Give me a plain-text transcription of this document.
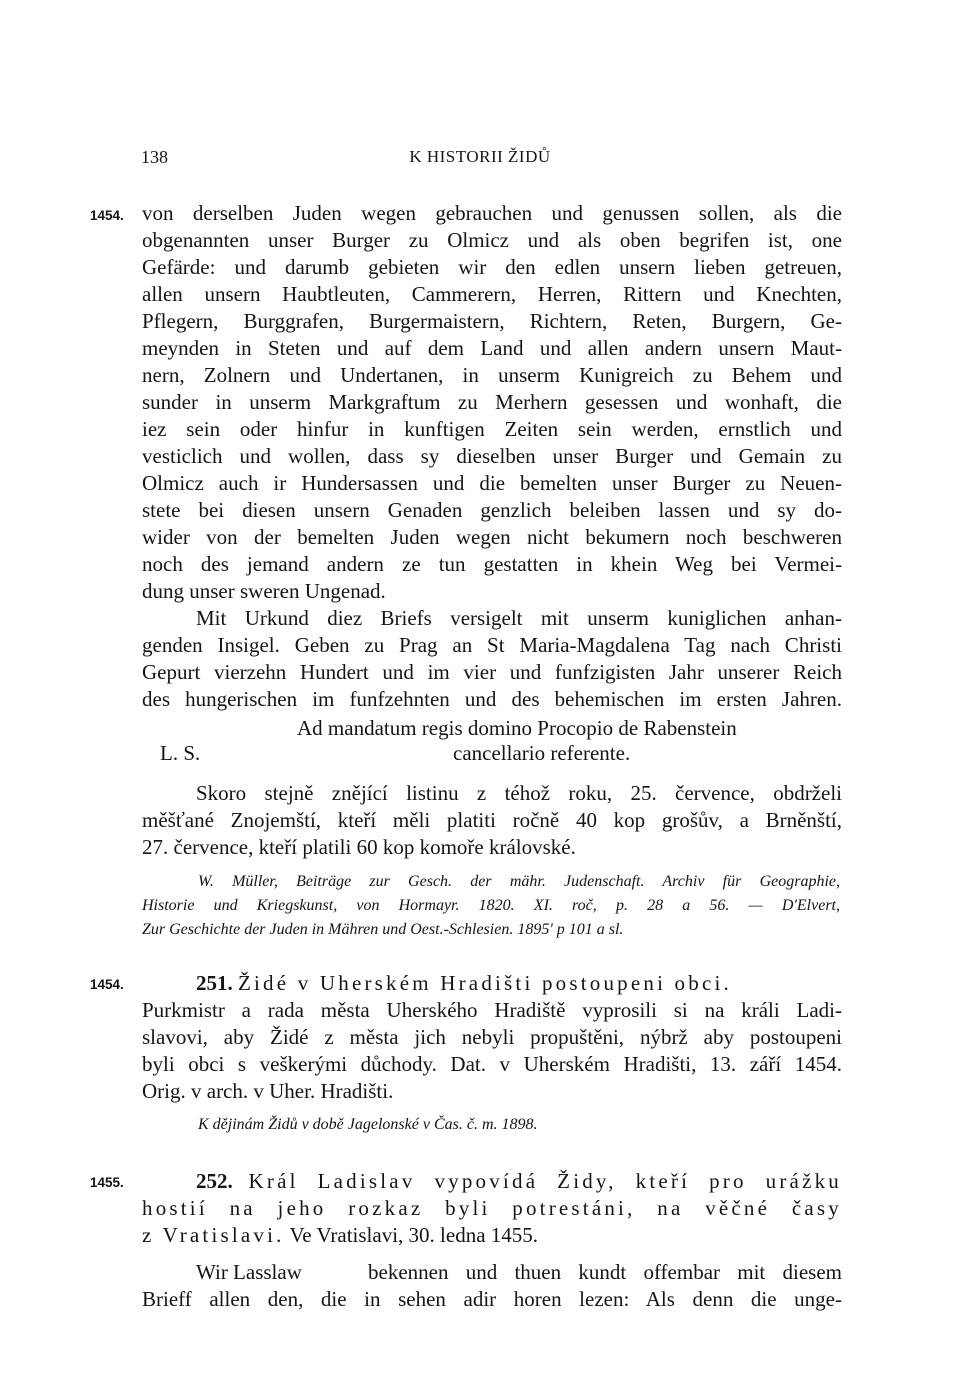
138	K HISTORII ŽIDŮ
1454. von derselben Juden wegen gebrauchen und genussen sollen, als die
obgenannten unser Burger zu Olmicz und als oben begrifen ist, one
Gefärde: und darumb gebieten wir den edlen unsern lieben getreuen,
allen unsern Haubtleuten, Cammerern, Herren, Rittern und Knechten,
Pflegern, Burggrafen, Burgermaistern, Richtern, Reten, Burgern, Ge-
meynden in Steten und auf dem Land und allen andern unsern Maut-
nern, Zolnern und Undertanen, in unserm Kunigreich zu Behem und
sunder in unserm Markgraftum zu Merhern gesessen und wonhaft, die
iez sein oder hinfur in kunftigen Zeiten sein werden, ernstlich und
vesticlich und wollen, dass sy dieselben unser Burger und Gemain zu
Olmicz auch ir Hundersassen und die bemelten unser Burger zu Neuen-
stete bei diesen unsern Genaden genzlich beleiben lassen und sy do-
wider von der bemelten Juden wegen nicht bekumern noch beschweren
noch des jemand andern ze tun gestatten in khein Weg bei Vermei-
dung unser sweren Ungenad.
Mit Urkund diez Briefs versigelt mit unserm kuniglichen anhan-
genden Insigel. Geben zu Prag an St Maria-Magdalena Tag nach Christi
Gepurt vierzehn Hundert und im vier und funfzigisten Jahr unserer Reich
des hungerischen im funfzehnten und des behemischen im ersten Jahren.
Ad mandatum regis domino Procopio de Rabenstein
L. S.	cancellario referente.
Skoro stejně znějící listinu z téhož roku, 25. července, obdrželi
měšťané Znojemští, kteří měli platiti ročně 40 kop grošův, a Brněnští,
27. července, kteří platili 60 kop komoře královské.
W. Müller, Beiträge zur Gesch. der mähr. Judenschaft. Archiv für Geographie,
Historie und Kriegskunst, von Hormayr. 1820. XI. roč, p. 28 a 56. — D'Elvert,
Zur Geschichte der Juden in Mähren und Oest.-Schlesien. 1895' p 101 a sl.
1454.	251. Židé v Uherském Hradišti postoupeni obci.
Purkmistr a rada města Uherského Hradiště vyprosili si na králi Ladi-
slavovi, aby Židé z města jich nebyli propuštěni, nýbrž aby postoupeni
byli obci s veškerými důchody. Dat. v Uherském Hradišti, 13. září 1454.
Orig. v arch. v Uher. Hradišti.
K dějinám Židů v době Jagelonské v Čas. č. m. 1898.
1455.	252. Král Ladislav vypovídá Židy, kteří pro urážku
hostií na jeho rozkaz byli potrestáni, na věčné časy
z Vratislavi. Ve Vratislavi, 30. ledna 1455.
Wir Lasslaw	bekennen und thuen kundt offembar mit diesem
Brieff allen den, die in sehen adir horen lezen: Als denn die unge-
